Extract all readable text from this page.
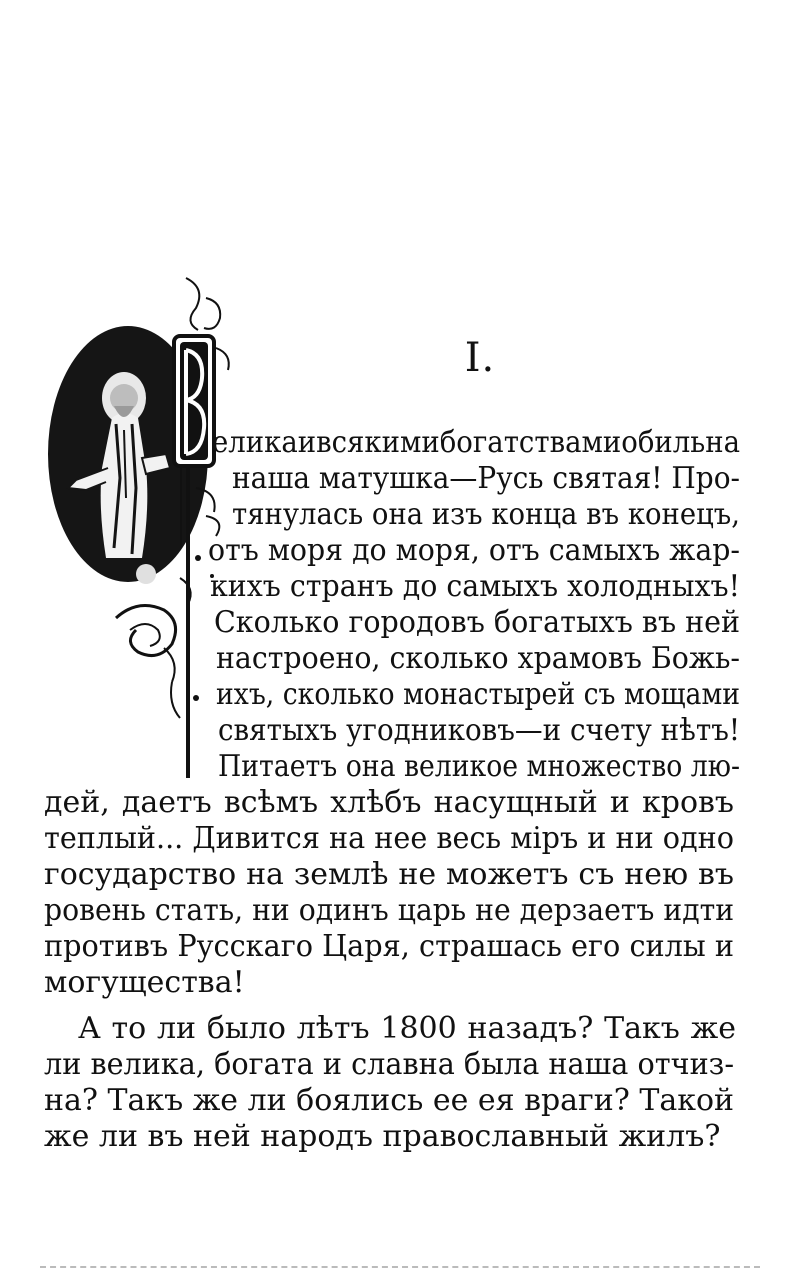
I.
еликаивсякимибогатствамиобильна
наша матушка—Русь святая! Про-
тянулась она изъ конца въ конецъ,
отъ моря до моря, отъ самыхъ жар-
кихъ странъ до самыхъ холодныхъ!
Сколько городовъ богатыхъ въ ней
настроено, сколько храмовъ Божь-
ихъ, сколько монастырей съ мощами
святыхъ угодниковъ—и счету нѣтъ!
Питаетъ она великое множество лю-
дей, даетъ всѣмъ хлѣбъ насущный и кровъ
теплый... Дивится на нее весь міръ и ни одно
государство на землѣ не можетъ съ нею въ
ровень стать, ни одинъ царь не дерзаетъ идти
противъ Русскаго Царя, страшась его силы и
могущества!
А то ли было лѣтъ 1800 назадъ? Такъ же
ли велика, богата и славна была наша отчиз-
на? Такъ же ли боялись ее ея враги? Такой
же ли въ ней народъ православный жилъ?
